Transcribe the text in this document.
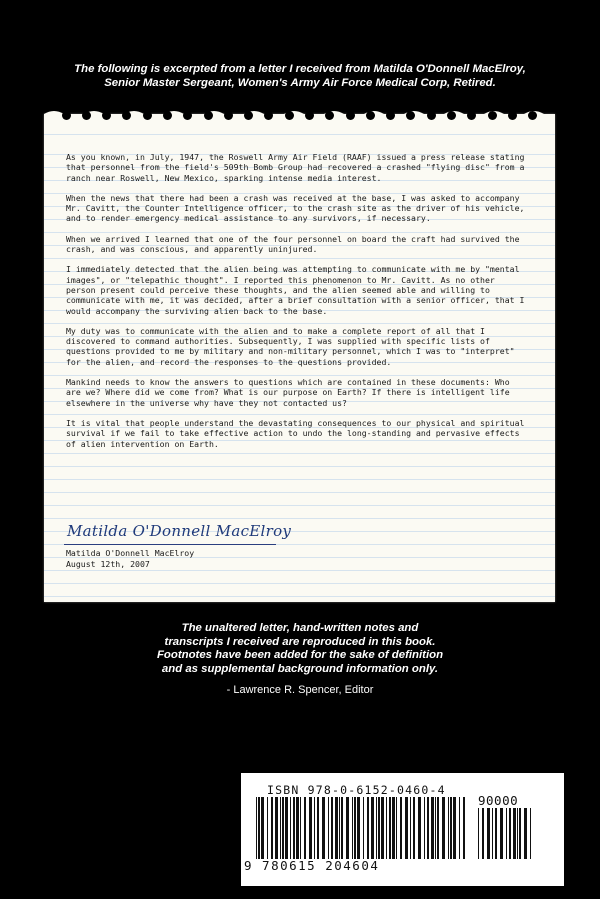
The following is excerpted from a letter I received from Matilda O'Donnell MacElroy,
Senior Master Sergeant, Women's Army Air Force Medical Corp, Retired.

As you known, in July, 1947, the Roswell Army Air Field (RAAF) issued a press release stating that personnel from the field's 509th Bomb Group had recovered a crashed "flying disc" from a ranch near Roswell, New Mexico, sparking intense media interest.

When the news that there had been a crash was received at the base, I was asked to accompany Mr. Cavitt, the Counter Intelligence officer, to the crash site as the driver of his vehicle, and to render emergency medical assistance to any survivors, if necessary.

When we arrived I learned that one of the four personnel on board the craft had survived the crash, and was conscious, and apparently uninjured.

I immediately detected that the alien being was attempting to communicate with me by "mental images", or "telepathic thought". I reported this phenomenon to Mr. Cavitt. As no other person present could perceive these thoughts, and the alien seemed able and willing to communicate with me, it was decided, after a brief consultation with a senior officer, that I would accompany the surviving alien back to the base.

My duty was to communicate with the alien and to make a complete report of all that I discovered to command authorities. Subsequently, I was supplied with specific lists of questions provided to me by military and non-military personnel, which I was to "interpret" for the alien, and record the responses to the questions provided.

Mankind needs to know the answers to questions which are contained in these documents: Who are we? Where did we come from? What is our purpose on Earth? If there is intelligent life elsewhere in the universe why have they not contacted us?

It is vital that people understand the devastating consequences to our physical and spiritual survival if we fail to take effective action to undo the long-standing and pervasive effects of alien intervention on Earth.

Matilda O'Donnell MacElroy
Matilda O'Donnell MacElroy
August 12th, 2007
The unaltered letter, hand-written notes and
transcripts I received are reproduced in this book.
Footnotes have been added for the sake of definition
and as supplemental background information only.
- Lawrence R. Spencer, Editor
ISBN 978-0-6152-0460-4
90000
9 780615 204604
